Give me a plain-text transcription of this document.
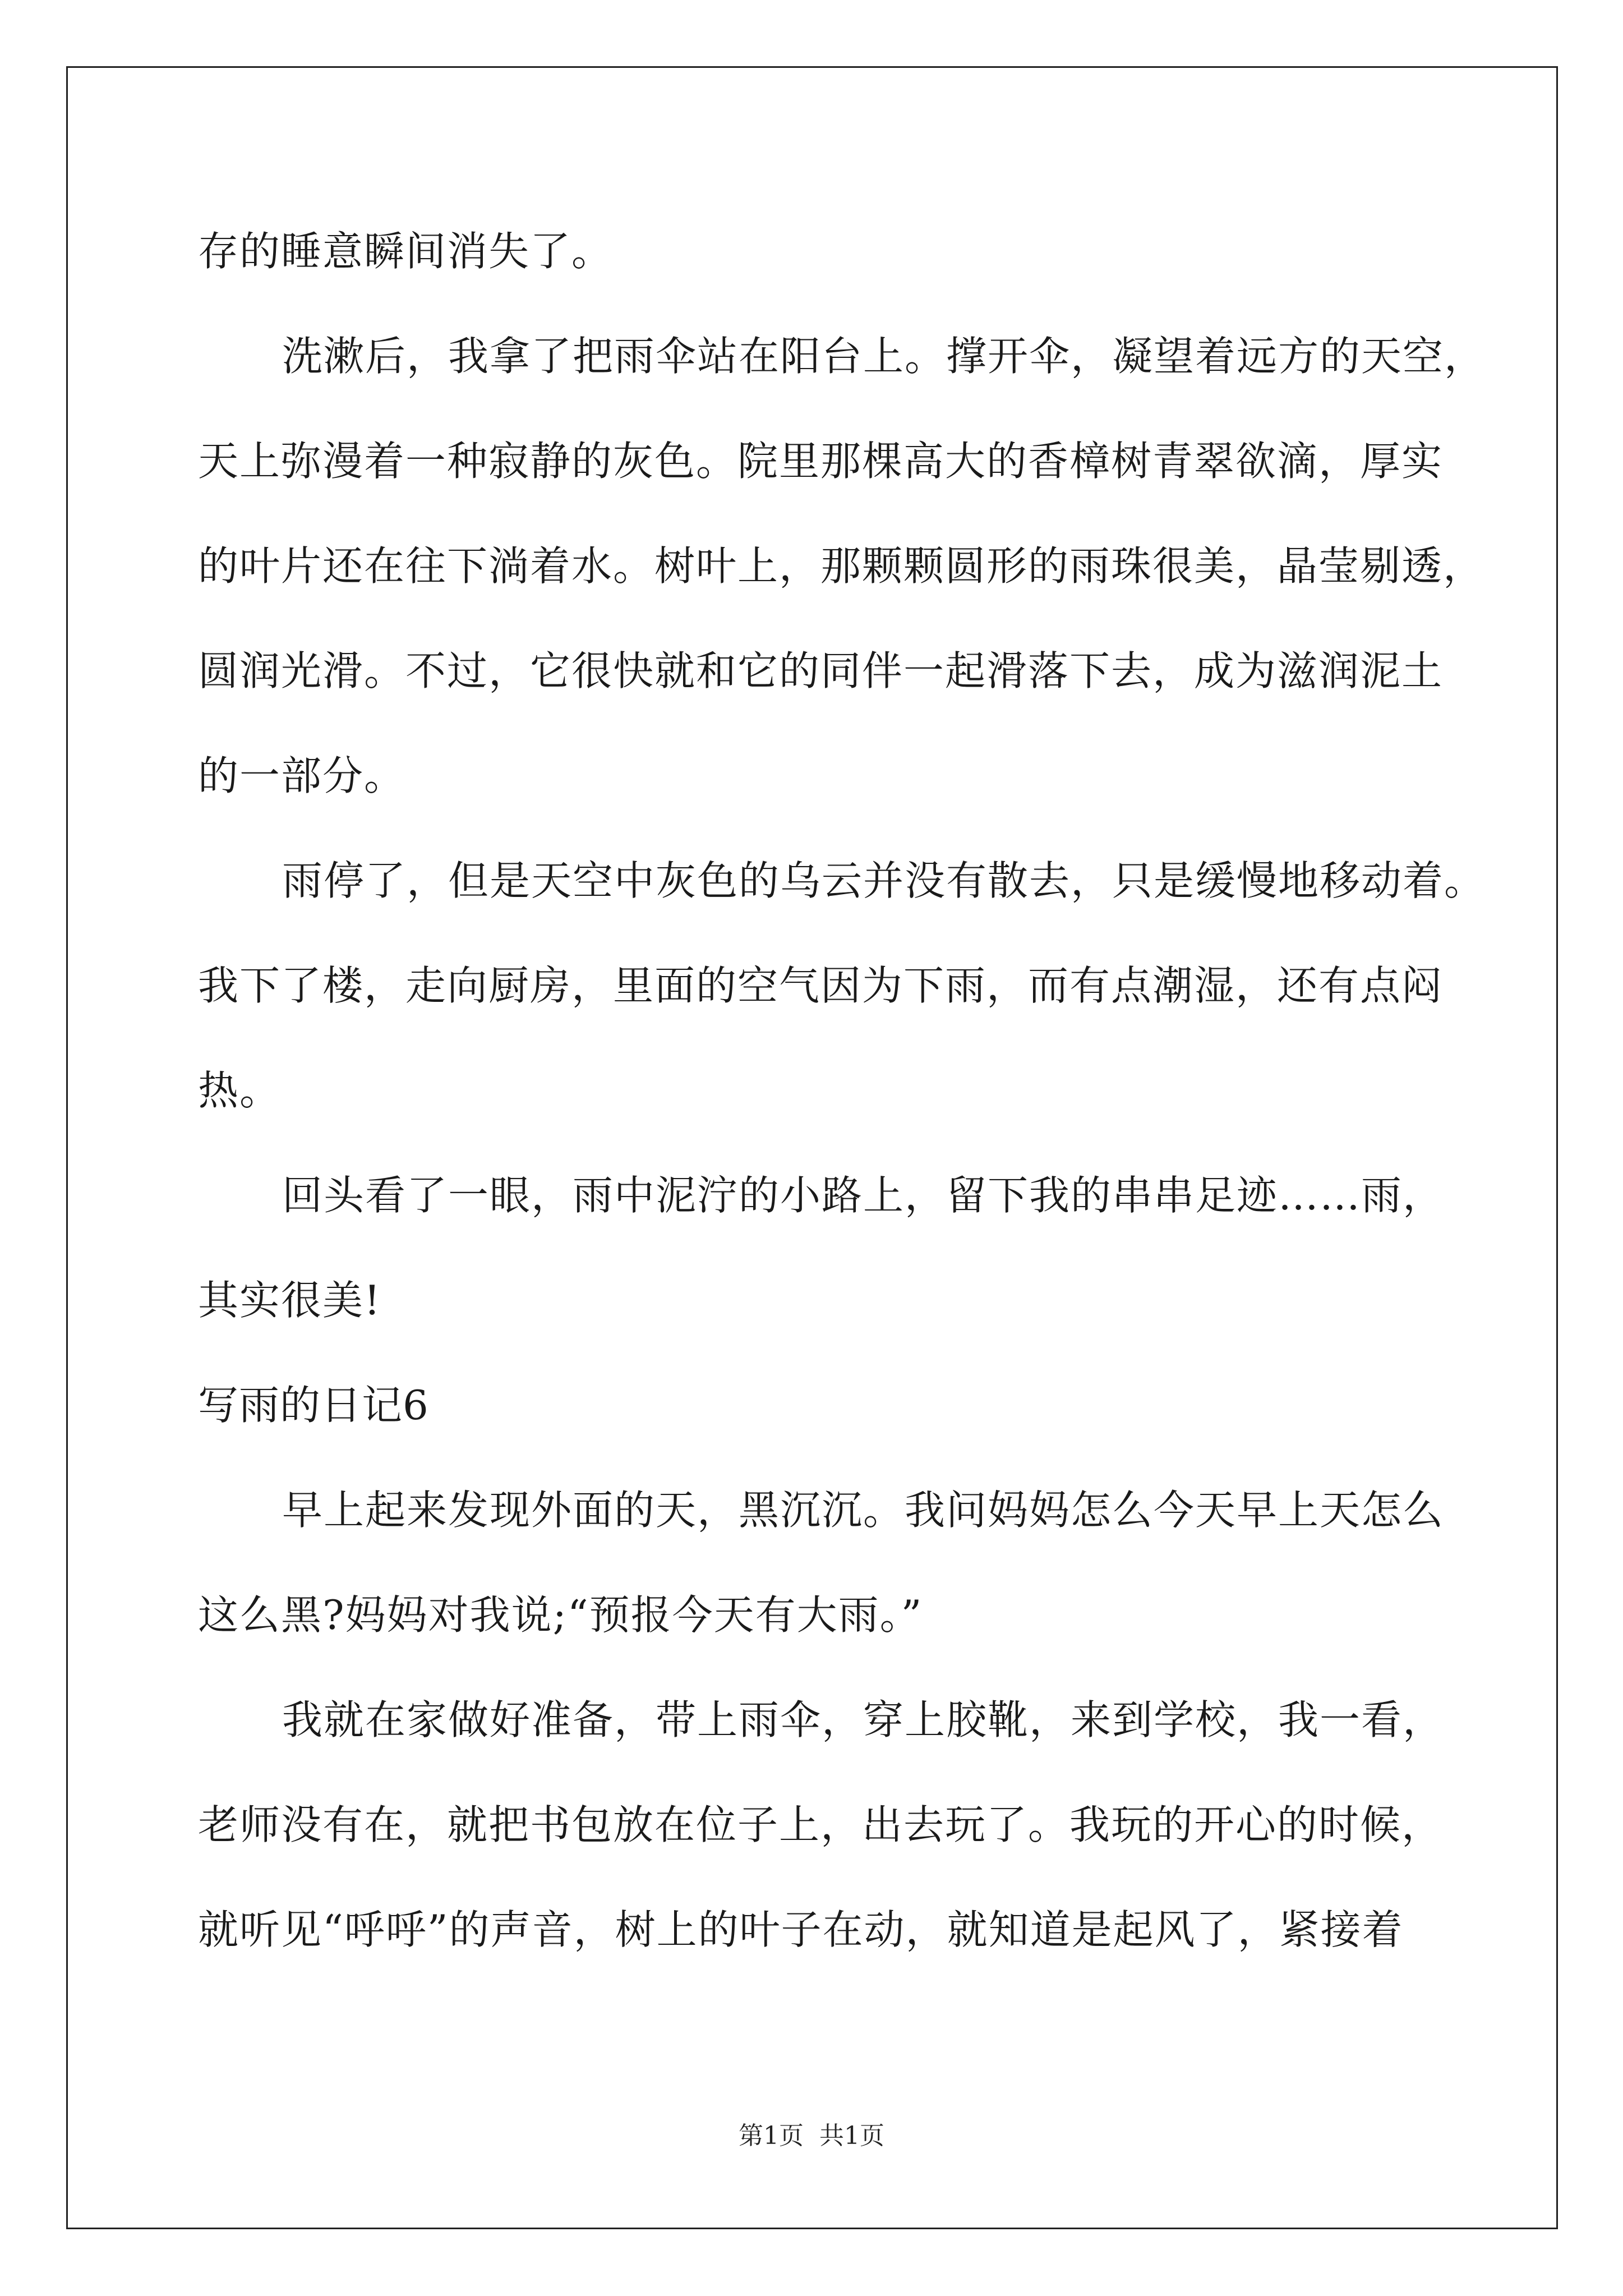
存的睡意瞬间消失了。
洗漱后，我拿了把雨伞站在阳台上。撑开伞，凝望着远方的天空，
天上弥漫着一种寂静的灰色。院里那棵高大的香樟树青翠欲滴，厚实
的叶片还在往下淌着水。树叶上，那颗颗圆形的雨珠很美，晶莹剔透，
圆润光滑。不过，它很快就和它的同伴一起滑落下去，成为滋润泥土
的一部分。
雨停了，但是天空中灰色的乌云并没有散去，只是缓慢地移动着。
我下了楼，走向厨房，里面的空气因为下雨，而有点潮湿，还有点闷
热。
回头看了一眼，雨中泥泞的小路上，留下我的串串足迹……雨，
其实很美!
写雨的日记6
早上起来发现外面的天，黑沉沉。我问妈妈怎么今天早上天怎么
这么黑?妈妈对我说;“预报今天有大雨。”
我就在家做好准备，带上雨伞，穿上胶靴，来到学校，我一看，
老师没有在，就把书包放在位子上，出去玩了。我玩的开心的时候，
就听见“呼呼”的声音，树上的叶子在动，就知道是起风了，紧接着
第1页 共1页
